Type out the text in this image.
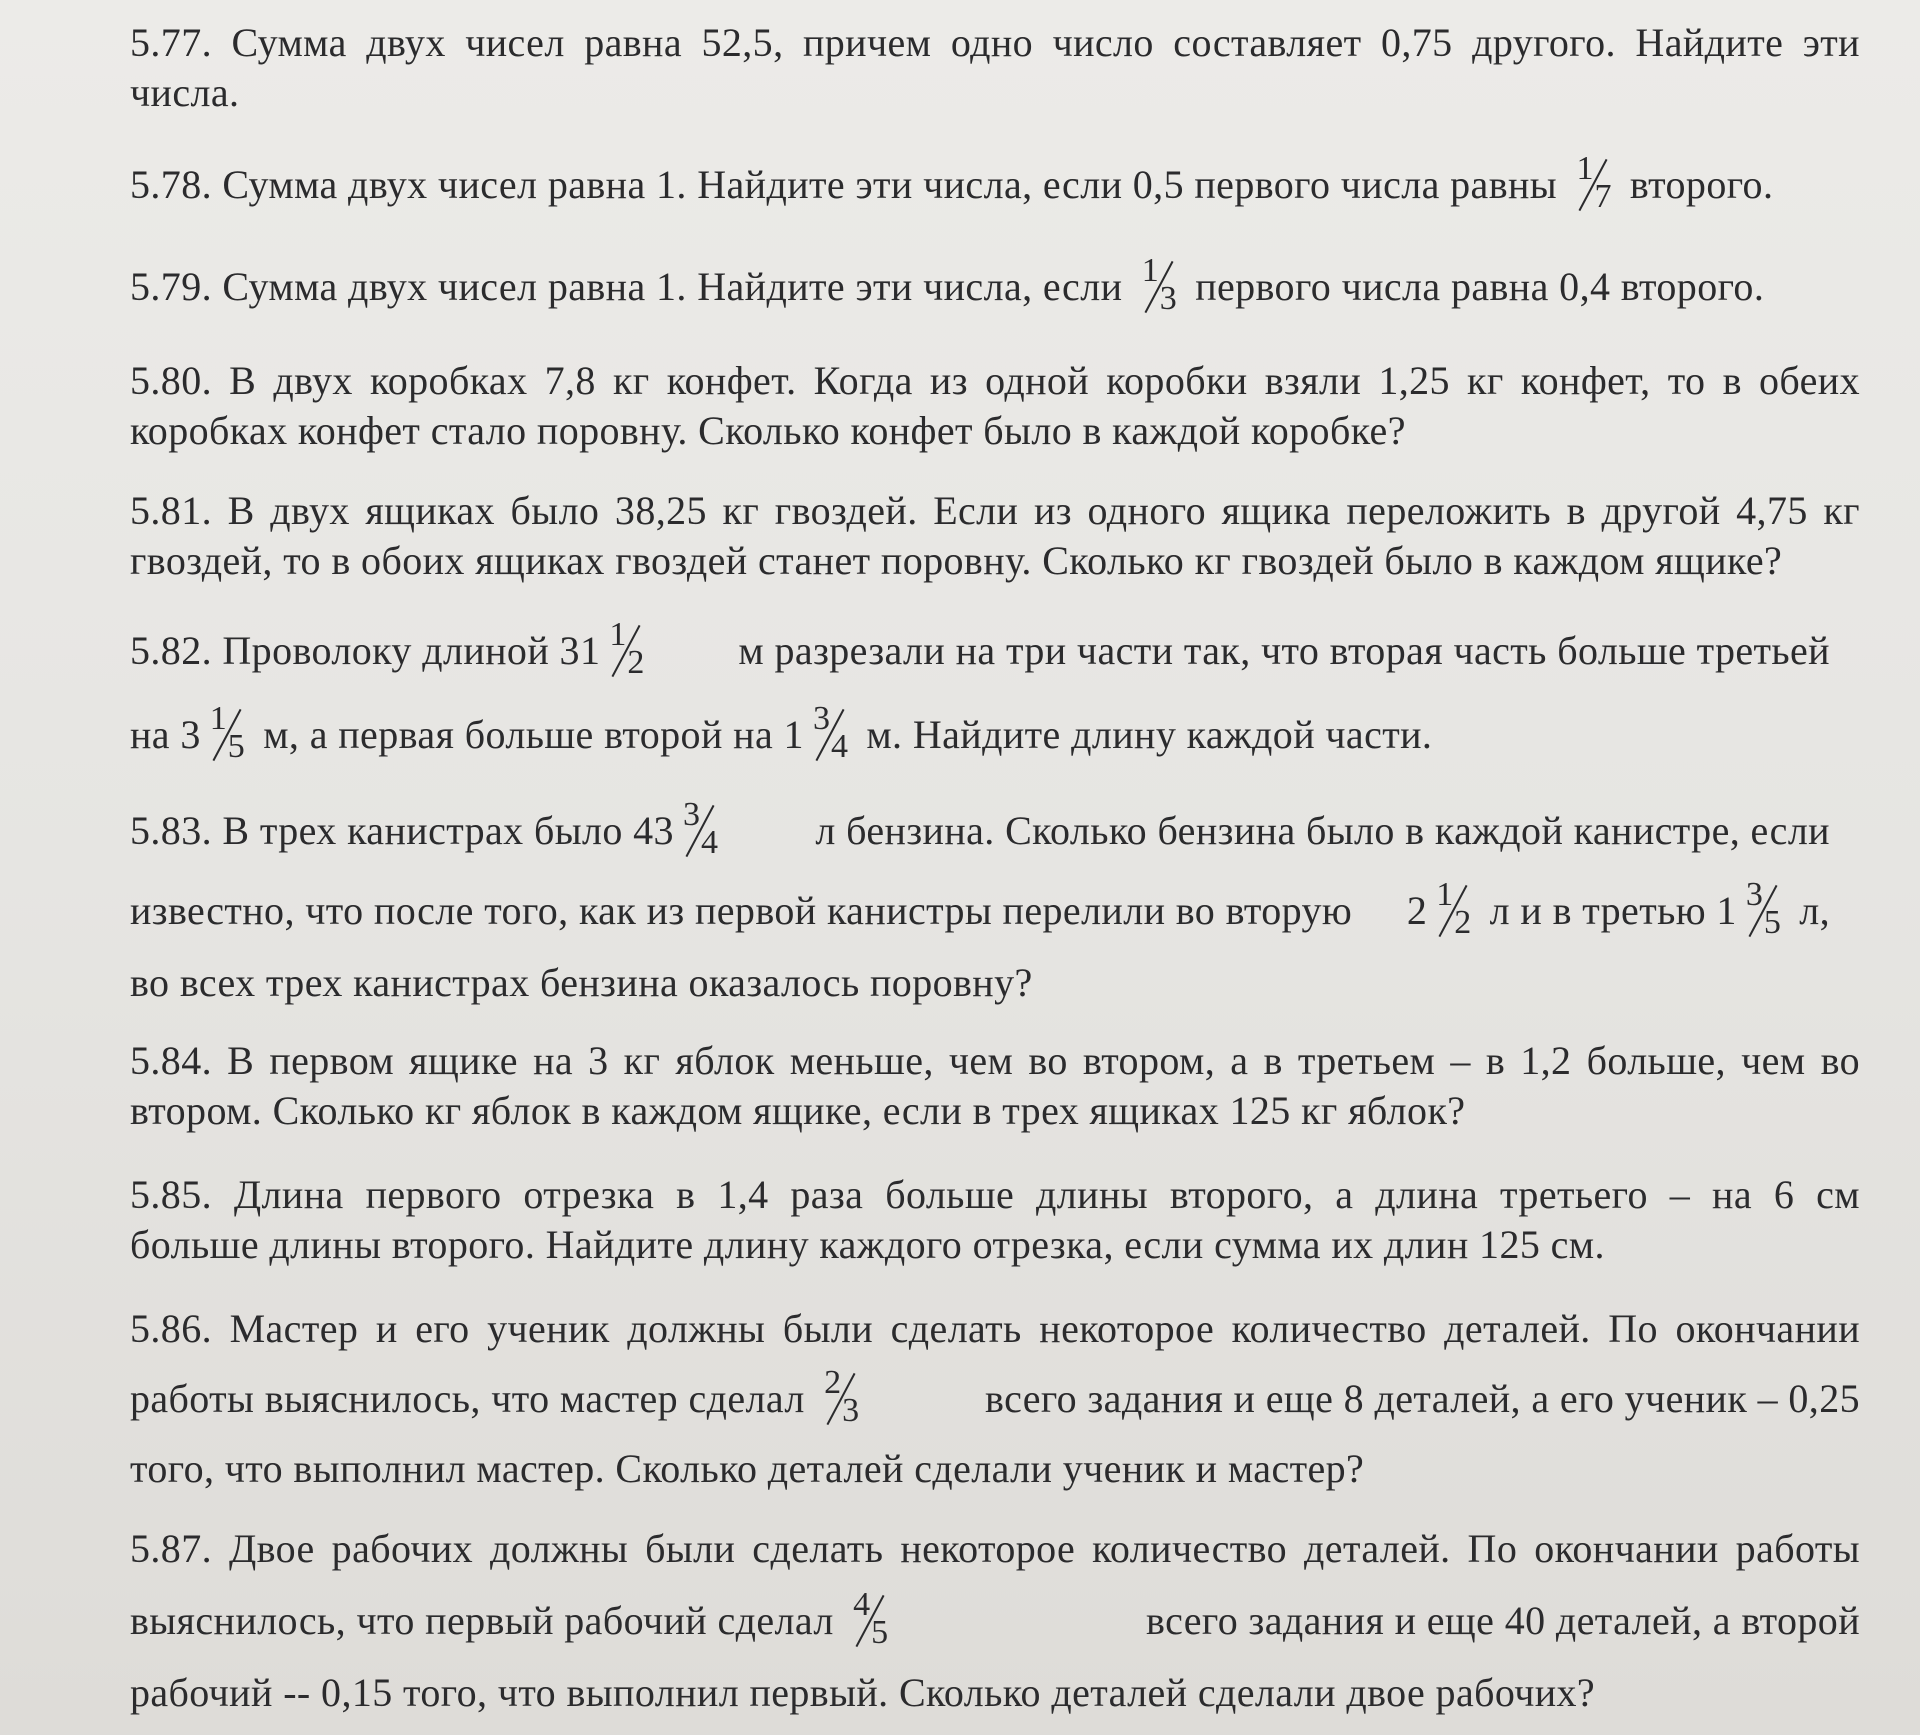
5.77. Сумма двух чисел равна 52,5, причем одно число составляет 0,75 другого. Найдите эти
числа.
5.78. Сумма двух чисел равна 1. Найдите эти числа, если 0,5 первого числа равны 1
7 второго.
5.79. Сумма двух чисел равна 1. Найдите эти числа, если 1
3 первого числа равна 0,4 второго.
5.80. В двух коробках 7,8 кг конфет. Когда из одной коробки взяли 1,25 кг конфет, то в обеих
коробках конфет стало поровну. Сколько конфет было в каждой коробке?
5.81. В двух ящиках было 38,25 кг гвоздей. Если из одного ящика переложить в другой 4,75 кг
гвоздей, то в обоих ящиках гвоздей станет поровну. Сколько кг гвоздей было в каждом ящике?
5.82. Проволоку длиной 31 1
2 м разрезали на три части так, что вторая часть больше третьей
на 3 1
5 м, а первая больше второй на 1 3
4 м. Найдите длину каждой части.
5.83. В трех канистрах было 43 3
4 л бензина. Сколько бензина было в каждой канистре, если
известно, что после того, как из первой канистры перелили во вторую 2 1
2 л и в третью 1 3
5 л,
во всех трех канистрах бензина оказалось поровну?
5.84. В первом ящике на 3 кг яблок меньше, чем во втором, а в третьем – в 1,2 больше, чем во
втором. Сколько кг яблок в каждом ящике, если в трех ящиках 125 кг яблок?
5.85. Длина первого отрезка в 1,4 раза больше длины второго, а длина третьего – на 6 см
больше длины второго. Найдите длину каждого отрезка, если сумма их длин 125 см.
5.86. Мастер и его ученик должны были сделать некоторое количество деталей. По окончании
работы выяснилось, что мастер сделал 2
3	всего задания и еще 8 деталей, а его ученик – 0,25
того, что выполнил мастер. Сколько деталей сделали ученик и мастер?
5.87. Двое рабочих должны были сделать некоторое количество деталей. По окончании работы
выяснилось, что первый рабочий сделал 4
5	всего задания и еще 40 деталей, а второй
рабочий -- 0,15 того, что выполнил первый. Сколько деталей сделали двое рабочих?
